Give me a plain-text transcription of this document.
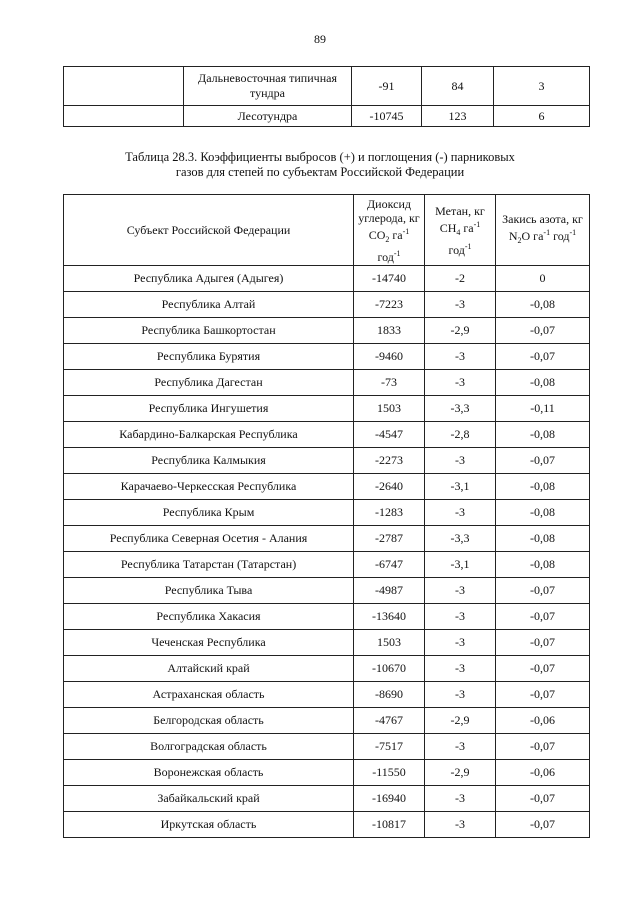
89
	Дальневосточная типичная тундра	-91	84	3
	Лесотундра	-10745	123	6
Таблица 28.3. Коэффициенты выбросов (+) и поглощения (-) парниковых
газов для степей по субъектам Российской Федерации
Субъект Российской Федерации	Диоксид углерода, кг $CO_2$ $га^{-1}$ год$^{-1}$	Метан, кг $CH_4$ $га^{-1}$ год$^{-1}$	Закись азота, кг $N_2O$ $га^{-1}$ год$^{-1}$
Республика Адыгея (Адыгея)	-14740	-2	0
Республика Алтай	-7223	-3	-0,08
Республика Башкортостан	1833	-2,9	-0,07
Республика Бурятия	-9460	-3	-0,07
Республика Дагестан	-73	-3	-0,08
Республика Ингушетия	1503	-3,3	-0,11
Кабардино-Балкарская Республика	-4547	-2,8	-0,08
Республика Калмыкия	-2273	-3	-0,07
Карачаево-Черкесская Республика	-2640	-3,1	-0,08
Республика Крым	-1283	-3	-0,08
Республика Северная Осетия - Алания	-2787	-3,3	-0,08
Республика Татарстан (Татарстан)	-6747	-3,1	-0,08
Республика Тыва	-4987	-3	-0,07
Республика Хакасия	-13640	-3	-0,07
Чеченская Республика	1503	-3	-0,07
Алтайский край	-10670	-3	-0,07
Астраханская область	-8690	-3	-0,07
Белгородская область	-4767	-2,9	-0,06
Волгоградская область	-7517	-3	-0,07
Воронежская область	-11550	-2,9	-0,06
Забайкальский край	-16940	-3	-0,07
Иркутская область	-10817	-3	-0,07
